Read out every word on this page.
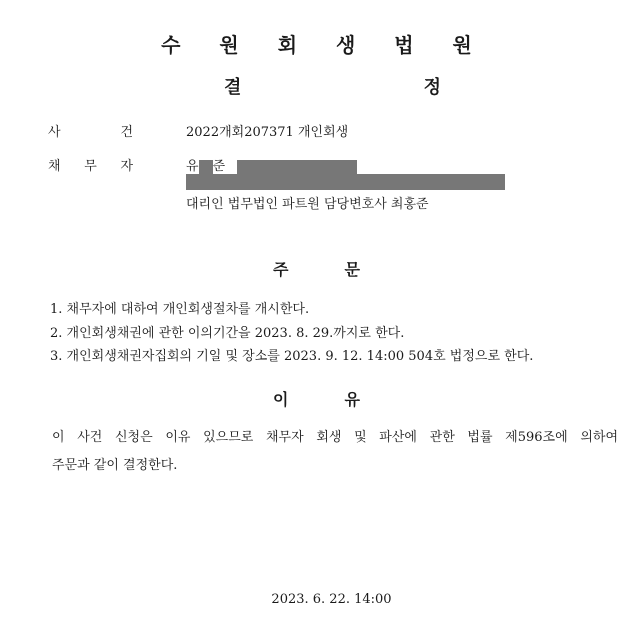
수 원 회 생 법 원
결 정
사	건	2022개회207371 개인회생
채 무 자	유 준
대리인 법무법인 파트원 담당변호사 최홍준
주	문
1. 채무자에 대하여 개인회생절차를 개시한다.
2. 개인회생채권에 관한 이의기간을 2023. 8. 29.까지로 한다.
3. 개인회생채권자집회의 기일 및 장소를 2023. 9. 12. 14:00 504호 법정으로 한다.
이	유
이 사건 신청은 이유 있으므로 채무자 회생 및 파산에 관한 법률 제596조에 의하여
주문과 같이 결정한다.
2023. 6. 22. 14:00
